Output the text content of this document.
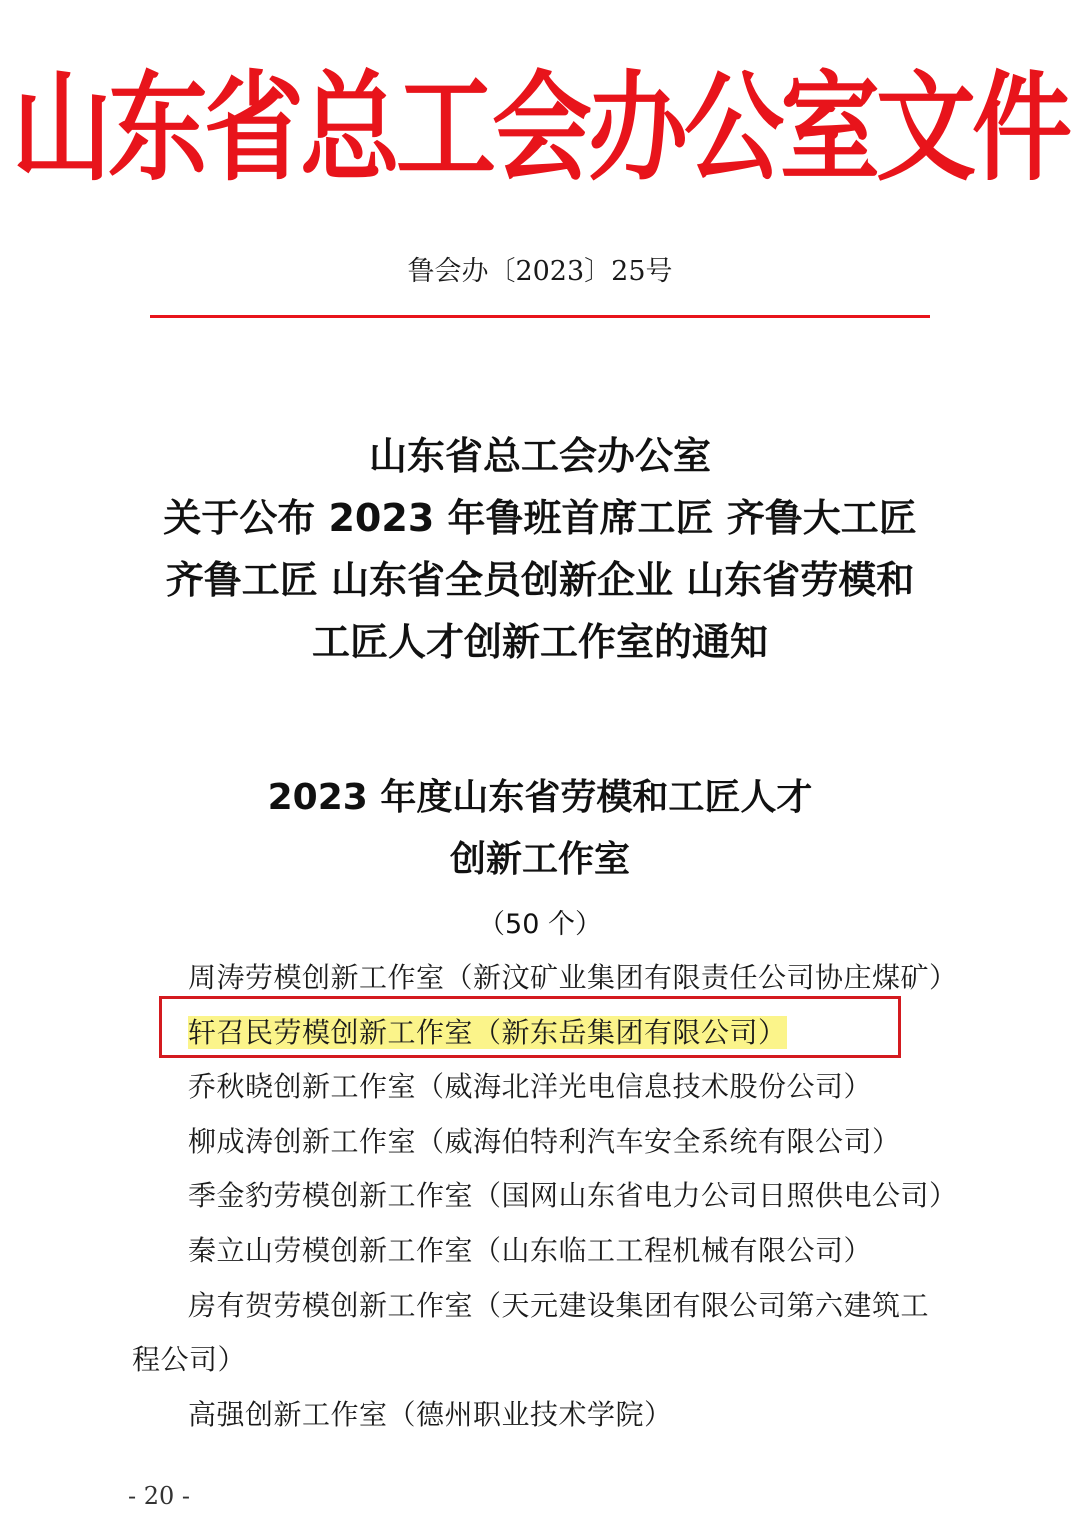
山东省总工会办公室文件
鲁会办〔2023〕25号
山东省总工会办公室
关于公布 2023 年鲁班首席工匠 齐鲁大工匠
齐鲁工匠 山东省全员创新企业 山东省劳模和
工匠人才创新工作室的通知
2023 年度山东省劳模和工匠人才
创新工作室
（50 个）
周涛劳模创新工作室（新汶矿业集团有限责任公司协庄煤矿）
轩召民劳模创新工作室（新东岳集团有限公司）
乔秋晓创新工作室（威海北洋光电信息技术股份公司）
柳成涛创新工作室（威海伯特利汽车安全系统有限公司）
季金豹劳模创新工作室（国网山东省电力公司日照供电公司）
秦立山劳模创新工作室（山东临工工程机械有限公司）
房有贺劳模创新工作室（天元建设集团有限公司第六建筑工程公司）
高强创新工作室（德州职业技术学院）
- 20 -
